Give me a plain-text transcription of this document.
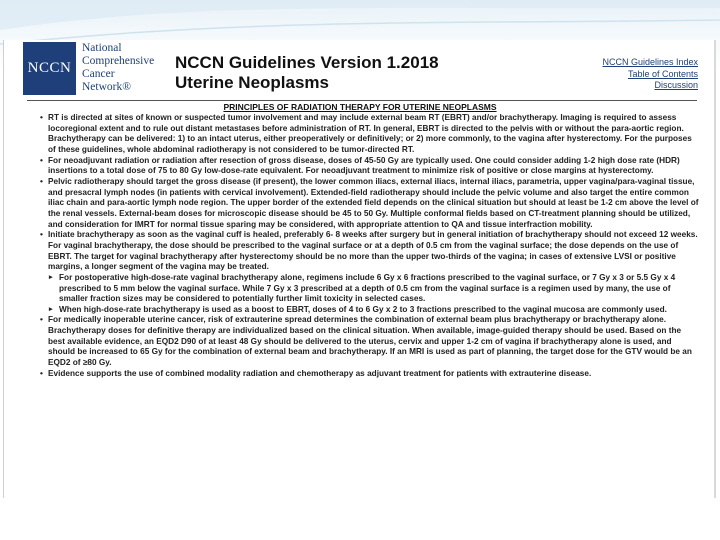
NCCN
National
Comprehensive
Cancer
Network®
NCCN Guidelines Version 1.2018
Uterine Neoplasms
NCCN Guidelines Index
Table of Contents
Discussion
PRINCIPLES OF RADIATION THERAPY FOR UTERINE NEOPLASMS
• RT is directed at sites of known or suspected tumor involvement and may include external beam RT (EBRT) and/or brachytherapy. Imaging is required to assess locoregional extent and to rule out distant metastases before administration of RT. In general, EBRT is directed to the pelvis with or without the para-aortic region. Brachytherapy can be delivered: 1) to an intact uterus, either preoperatively or definitively; or 2) more commonly, to the vagina after hysterectomy. For the purposes of these guidelines, whole abdominal radiotherapy is not considered to be tumor-directed RT.
• For neoadjuvant radiation or radiation after resection of gross disease, doses of 45-50 Gy are typically used. One could consider adding 1-2 high dose rate (HDR) insertions to a total dose of 75 to 80 Gy low-dose-rate equivalent. For neoadjuvant treatment to minimize risk of positive or close margins at hysterectomy.
• Pelvic radiotherapy should target the gross disease (if present), the lower common iliacs, external iliacs, internal iliacs, parametria, upper vagina/para-vaginal tissue, and presacral lymph nodes (in patients with cervical involvement). Extended-field radiotherapy should include the pelvic volume and also target the entire common iliac chain and para-aortic lymph node region. The upper border of the extended field depends on the clinical situation but should at least be 1-2 cm above the level of the renal vessels. External-beam doses for microscopic disease should be 45 to 50 Gy. Multiple conformal fields based on CT-treatment planning should be utilized, and consideration for IMRT for normal tissue sparing may be considered, with appropriate attention to QA and tissue interfraction mobility.
• Initiate brachytherapy as soon as the vaginal cuff is healed, preferably 6- 8 weeks after surgery but in general initiation of brachytherapy should not exceed 12 weeks. For vaginal brachytherapy, the dose should be prescribed to the vaginal surface or at a depth of 0.5 cm from the vaginal surface; the dose depends on the use of EBRT. The target for vaginal brachytherapy after hysterectomy should be no more than the upper two-thirds of the vagina; in cases of extensive LVSI or positive margins, a longer segment of the vagina may be treated.
▸ For postoperative high-dose-rate vaginal brachytherapy alone, regimens include 6 Gy x 6 fractions prescribed to the vaginal surface, or 7 Gy x 3 or 5.5 Gy x 4 prescribed to 5 mm below the vaginal surface. While 7 Gy x 3 prescribed at a depth of 0.5 cm from the vaginal surface is a regimen used by many, the use of smaller fraction sizes may be considered to potentially further limit toxicity in selected cases.
▸ When high-dose-rate brachytherapy is used as a boost to EBRT, doses of 4 to 6 Gy x 2 to 3 fractions prescribed to the vaginal mucosa are commonly used.
• For medically inoperable uterine cancer, risk of extrauterine spread determines the combination of external beam plus brachytherapy or brachytherapy alone. Brachytherapy doses for definitive therapy are individualized based on the clinical situation. When available, image-guided therapy should be used. Based on the best available evidence, an EQD2 D90 of at least 48 Gy should be delivered to the uterus, cervix and upper 1-2 cm of vagina if brachytherapy alone is used, and should be increased to 65 Gy for the combination of external beam and brachytherapy. If an MRI is used as part of planning, the target dose for the GTV would be an EQD2 of ≥80 Gy.
• Evidence supports the use of combined modality radiation and chemotherapy as adjuvant treatment for patients with extrauterine disease.
